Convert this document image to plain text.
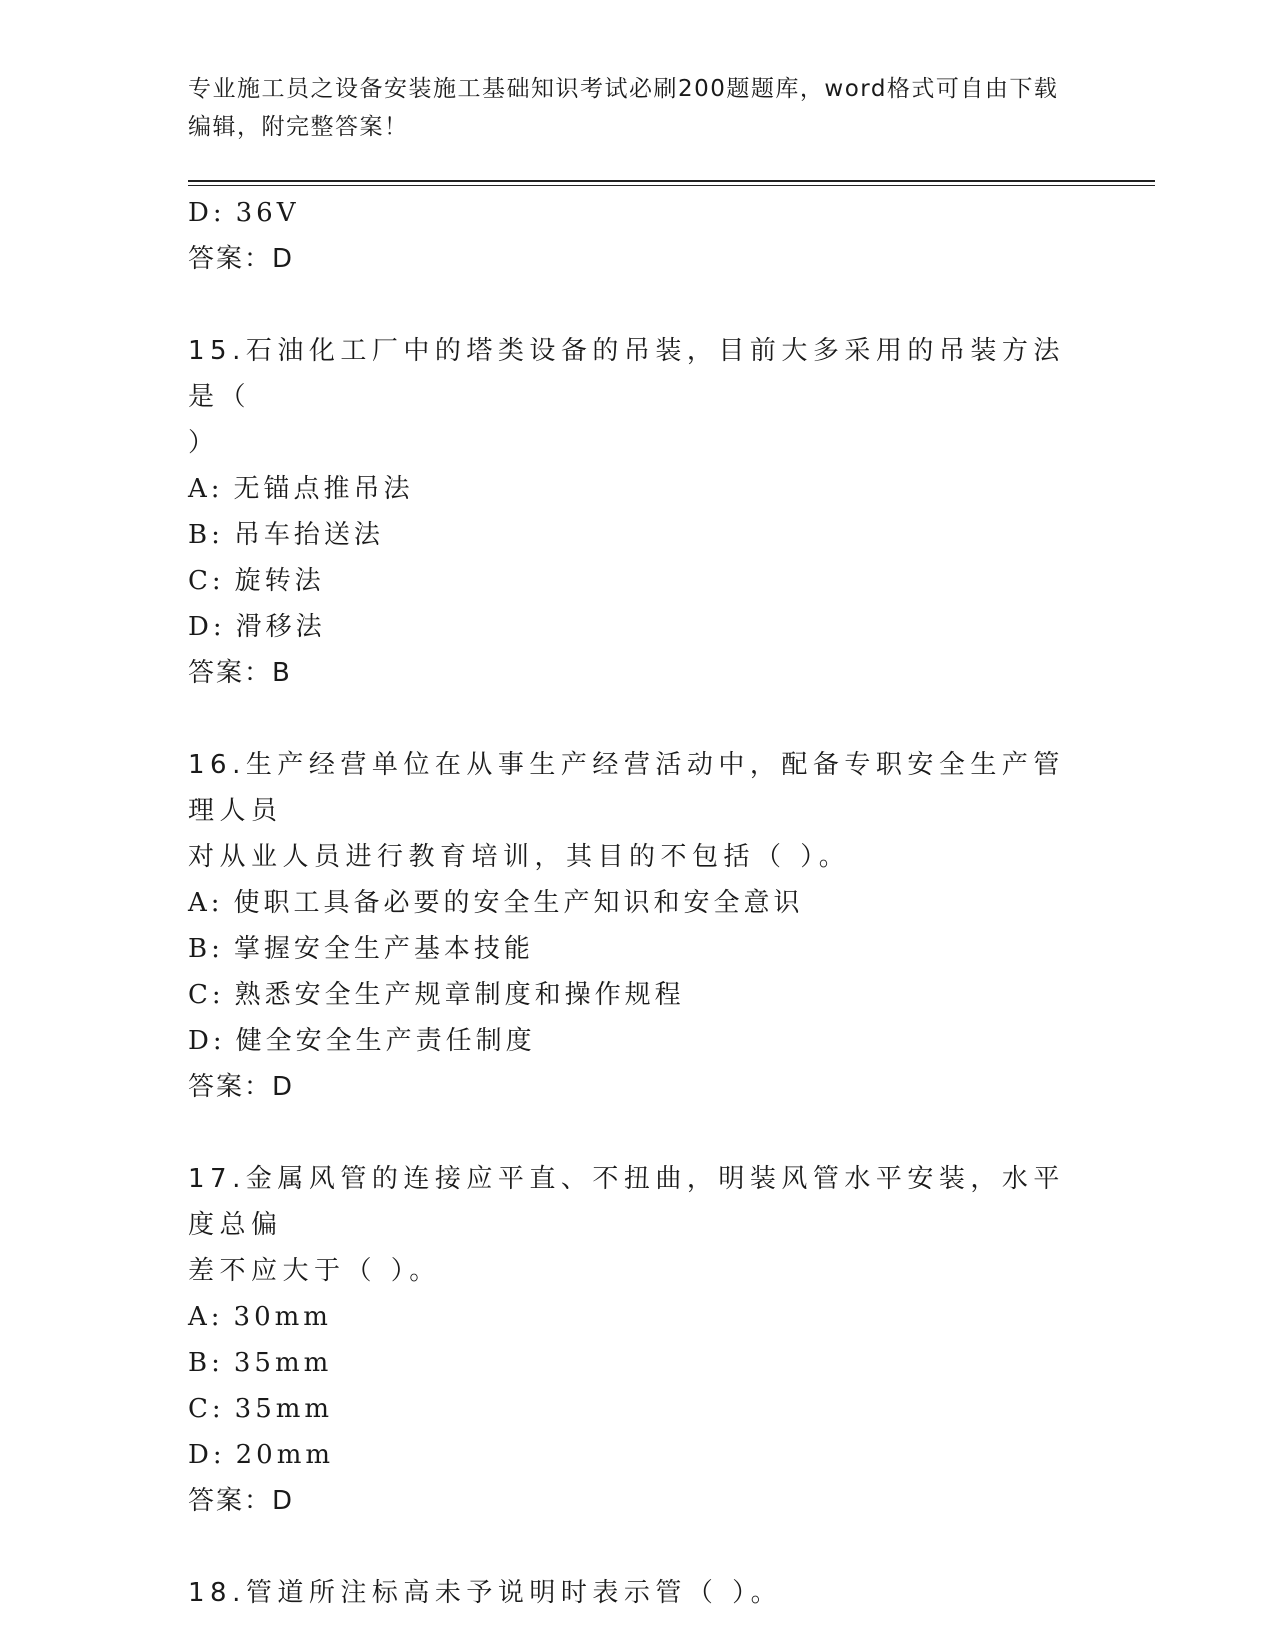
专业施工员之设备安装施工基础知识考试必刷200题题库，word格式可自由下载
编辑，附完整答案！
D: 36V
答案：D
15.石油化工厂中的塔类设备的吊装，目前大多采用的吊装方法是（
）
A: 无锚点推吊法
B: 吊车抬送法
C: 旋转法
D: 滑移法
答案：B
16.生产经营单位在从事生产经营活动中，配备专职安全生产管理人员
对从业人员进行教育培训，其目的不包括（ ）。
A: 使职工具备必要的安全生产知识和安全意识
B: 掌握安全生产基本技能
C: 熟悉安全生产规章制度和操作规程
D: 健全安全生产责任制度
答案：D
17.金属风管的连接应平直、不扭曲，明装风管水平安装，水平度总偏
差不应大于（ ）。
A: 30mm
B: 35mm
C: 35mm
D: 20mm
答案：D
18.管道所注标高未予说明时表示管（ ）。
